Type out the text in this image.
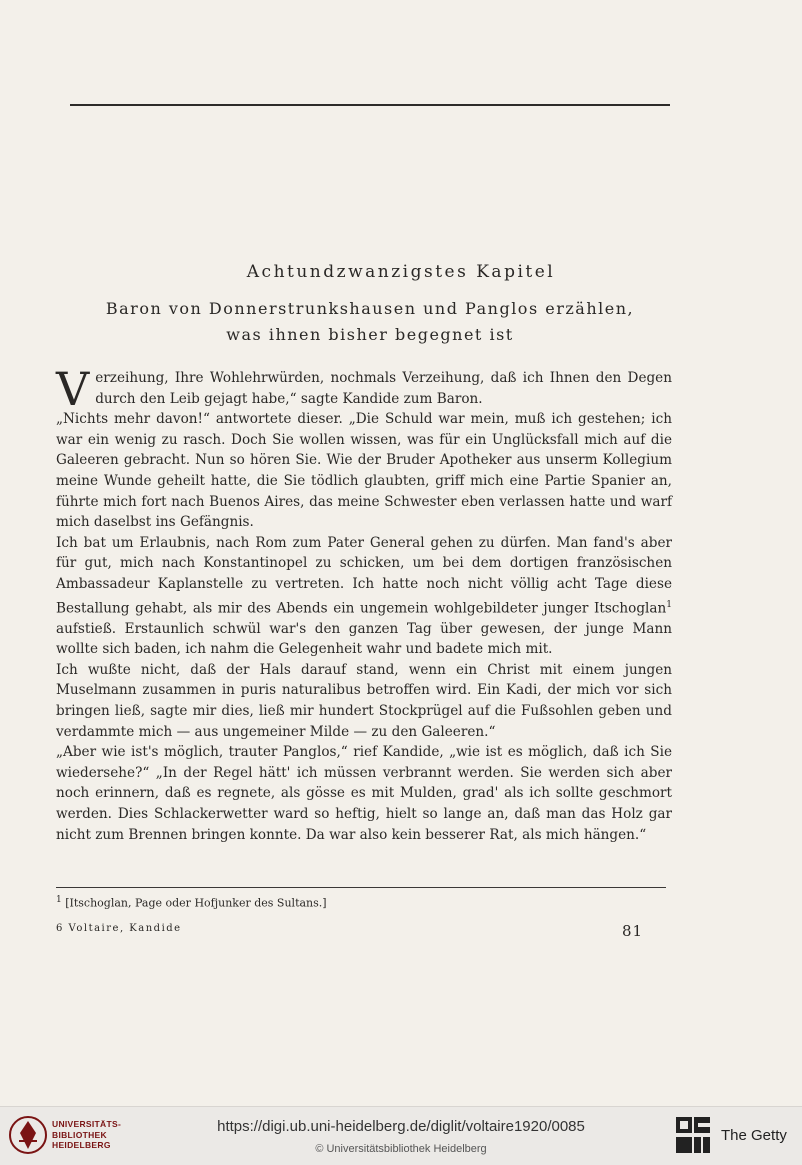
Achtundzwanzigstes Kapitel
Baron von Donnerstrunkshausen und Panglos erzählen,
was ihnen bisher begegnet ist

Verzeihung, Ihre Wohlehrwürden, nochmals Verzeihung, daß ich Ihnen den Degen durch den Leib gejagt habe,“ sagte Kandide zum Baron.

„Nichts mehr davon!“ antwortete dieser. „Die Schuld war mein, muß ich gestehen; ich war ein wenig zu rasch. Doch Sie wollen wissen, was für ein Unglücksfall mich auf die Galeeren gebracht. Nun so hören Sie. Wie der Bruder Apotheker aus unserm Kollegium meine Wunde geheilt hatte, die Sie tödlich glaubten, griff mich eine Partie Spanier an, führte mich fort nach Buenos Aires, das meine Schwester eben verlassen hatte und warf mich daselbst ins Gefängnis.

Ich bat um Erlaubnis, nach Rom zum Pater General gehen zu dürfen. Man fand's aber für gut, mich nach Konstantinopel zu schicken, um bei dem dortigen französischen Ambassadeur Kaplanstelle zu vertreten. Ich hatte noch nicht völlig acht Tage diese Bestallung gehabt, als mir des Abends ein ungemein wohlgebildeter junger Itschoglan$^1$ aufstieß. Erstaunlich schwül war's den ganzen Tag über gewesen, der junge Mann wollte sich baden, ich nahm die Gelegenheit wahr und badete mich mit.

Ich wußte nicht, daß der Hals darauf stand, wenn ein Christ mit einem jungen Muselmann zusammen in puris naturalibus betroffen wird. Ein Kadi, der mich vor sich bringen ließ, sagte mir dies, ließ mir hundert Stockprügel auf die Fußsohlen geben und verdammte mich — aus ungemeiner Milde — zu den Galeeren.“

„Aber wie ist's möglich, trauter Panglos,“ rief Kandide, „wie ist es möglich, daß ich Sie wiedersehe?“ „In der Regel hätt' ich müssen verbrannt werden. Sie werden sich aber noch erinnern, daß es regnete, als gösse es mit Mulden, grad' als ich sollte geschmort werden. Dies Schlackerwetter ward so heftig, hielt so lange an, daß man das Holz gar nicht zum Brennen bringen konnte. Da war also kein besserer Rat, als mich hängen.“

$^1$ [Itschoglan, Page oder Hofjunker des Sultans.]
6 Voltaire, Kandide	81
UNIVERSITÄTS-
BIBLIOTHEK
HEIDELBERG
https://digi.ub.uni-heidelberg.de/diglit/voltaire1920/0085
© Universitätsbibliothek Heidelberg
The Getty
